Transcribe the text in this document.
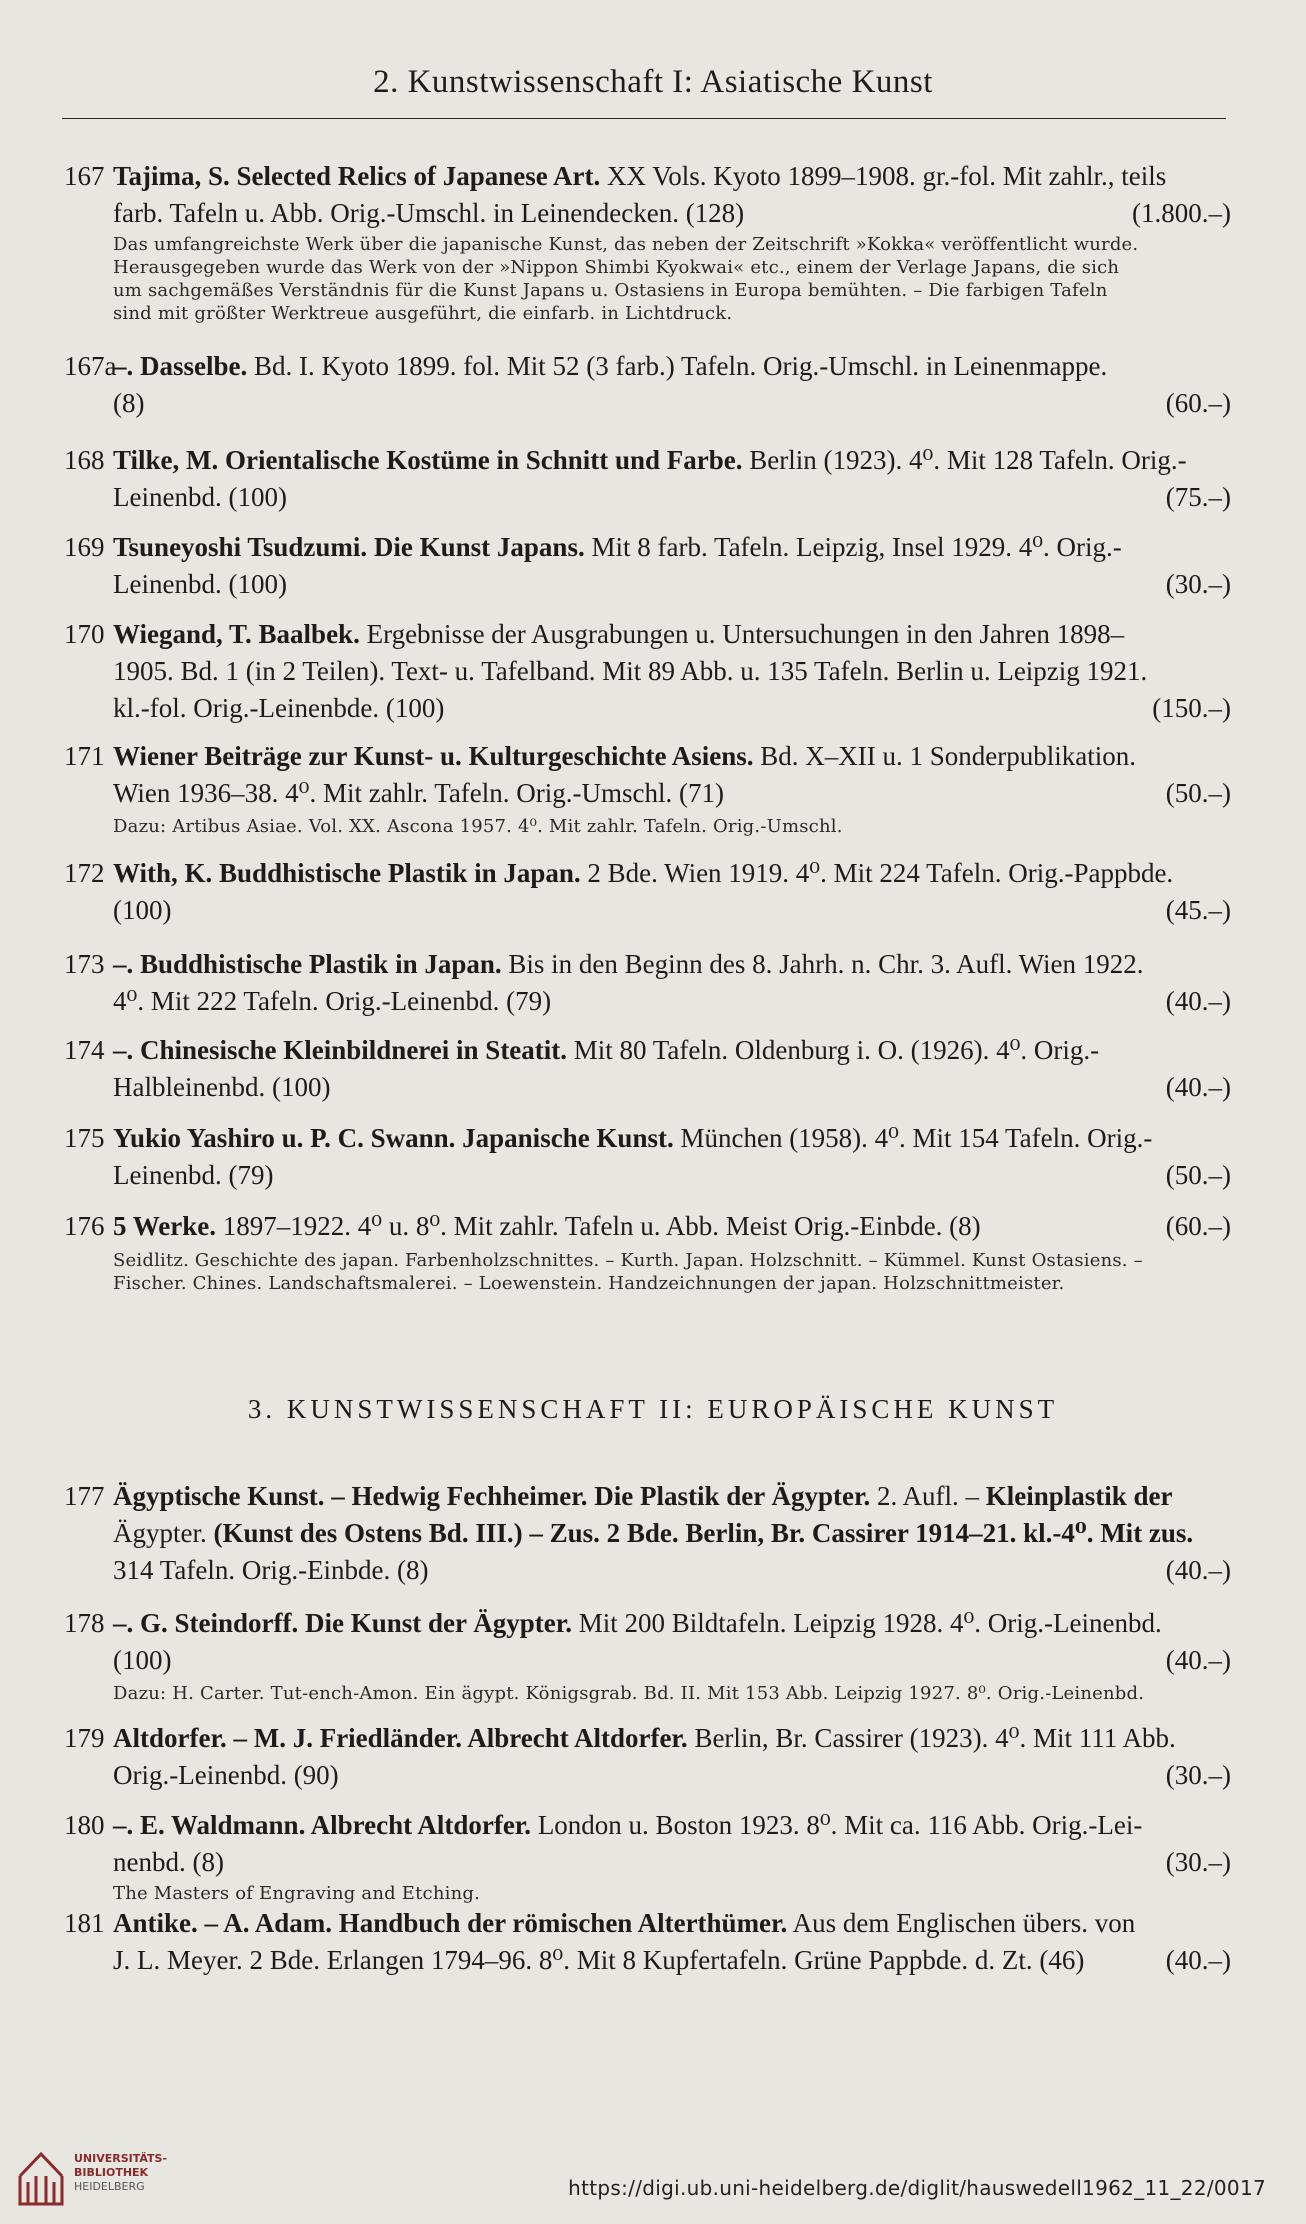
2. Kunstwissenschaft I: Asiatische Kunst
167 Tajima, S. Selected Relics of Japanese Art. XX Vols. Kyoto 1899–1908. gr.-fol. Mit zahlr., teils
farb. Tafeln u. Abb. Orig.-Umschl. in Leinendecken. (128)	(1.800.–)
Das umfangreichste Werk über die japanische Kunst, das neben der Zeitschrift »Kokka« veröffentlicht wurde.
Herausgegeben wurde das Werk von der »Nippon Shimbi Kyokwai« etc., einem der Verlage Japans, die sich
um sachgemäßes Verständnis für die Kunst Japans u. Ostasiens in Europa bemühten. – Die farbigen Tafeln
sind mit größter Werktreue ausgeführt, die einfarb. in Lichtdruck.
167a
–. Dasselbe. Bd. I. Kyoto 1899. fol. Mit 52 (3 farb.) Tafeln. Orig.-Umschl. in Leinenmappe.
(8)	(60.–)
168 Tilke, M. Orientalische Kostüme in Schnitt und Farbe. Berlin (1923). 4⁰. Mit 128 Tafeln. Orig.-
Leinenbd. (100)	(75.–)
169 Tsuneyoshi Tsudzumi. Die Kunst Japans. Mit 8 farb. Tafeln. Leipzig, Insel 1929. 4⁰. Orig.-
Leinenbd. (100)	(30.–)
170 Wiegand, T. Baalbek. Ergebnisse der Ausgrabungen u. Untersuchungen in den Jahren 1898–
1905. Bd. 1 (in 2 Teilen). Text- u. Tafelband. Mit 89 Abb. u. 135 Tafeln. Berlin u. Leipzig 1921.
kl.-fol. Orig.-Leinenbde. (100)	(150.–)
171 Wiener Beiträge zur Kunst- u. Kulturgeschichte Asiens. Bd. X–XII u. 1 Sonderpublikation.
Wien 1936–38. 4⁰. Mit zahlr. Tafeln. Orig.-Umschl. (71)	(50.–)
Dazu: Artibus Asiae. Vol. XX. Ascona 1957. 4⁰. Mit zahlr. Tafeln. Orig.-Umschl.
172 With, K. Buddhistische Plastik in Japan. 2 Bde. Wien 1919. 4⁰. Mit 224 Tafeln. Orig.-Pappbde.
(100)	(45.–)
173 –. Buddhistische Plastik in Japan. Bis in den Beginn des 8. Jahrh. n. Chr. 3. Aufl. Wien 1922.
4⁰. Mit 222 Tafeln. Orig.-Leinenbd. (79)	(40.–)
174 –. Chinesische Kleinbildnerei in Steatit. Mit 80 Tafeln. Oldenburg i. O. (1926). 4⁰. Orig.-
Halbleinenbd. (100)	(40.–)
175 Yukio Yashiro u. P. C. Swann. Japanische Kunst. München (1958). 4⁰. Mit 154 Tafeln. Orig.-
Leinenbd. (79)	(50.–)
176 5 Werke. 1897–1922. 4⁰ u. 8⁰. Mit zahlr. Tafeln u. Abb. Meist Orig.-Einbde. (8)	(60.–)
Seidlitz. Geschichte des japan. Farbenholzschnittes. – Kurth. Japan. Holzschnitt. – Kümmel. Kunst Ostasiens. –
Fischer. Chines. Landschaftsmalerei. – Loewenstein. Handzeichnungen der japan. Holzschnittmeister.
3. KUNSTWISSENSCHAFT II: EUROPÄISCHE KUNST
177 Ägyptische Kunst. – Hedwig Fechheimer. Die Plastik der Ägypter. 2. Aufl. – Kleinplastik der
Ägypter. (Kunst des Ostens Bd. III.) – Zus. 2 Bde. Berlin, Br. Cassirer 1914–21. kl.-4⁰. Mit zus.
314 Tafeln. Orig.-Einbde. (8)	(40.–)
178 –. G. Steindorff. Die Kunst der Ägypter. Mit 200 Bildtafeln. Leipzig 1928. 4⁰. Orig.-Leinenbd.
(100)	(40.–)
Dazu: H. Carter. Tut-ench-Amon. Ein ägypt. Königsgrab. Bd. II. Mit 153 Abb. Leipzig 1927. 8⁰. Orig.-Leinenbd.
179 Altdorfer. – M. J. Friedländer. Albrecht Altdorfer. Berlin, Br. Cassirer (1923). 4⁰. Mit 111 Abb.
Orig.-Leinenbd. (90)	(30.–)
180 –. E. Waldmann. Albrecht Altdorfer. London u. Boston 1923. 8⁰. Mit ca. 116 Abb. Orig.-Lei-
nenbd. (8)	(30.–)
The Masters of Engraving and Etching.
181 Antike. – A. Adam. Handbuch der römischen Alterthümer. Aus dem Englischen übers. von
J. L. Meyer. 2 Bde. Erlangen 1794–96. 8⁰. Mit 8 Kupfertafeln. Grüne Pappbde. d. Zt. (46)	(40.–)
UNIVERSITÄTS-
BIBLIOTHEK
HEIDELBERG	https://digi.ub.uni-heidelberg.de/diglit/hauswedell1962_11_22/0017
